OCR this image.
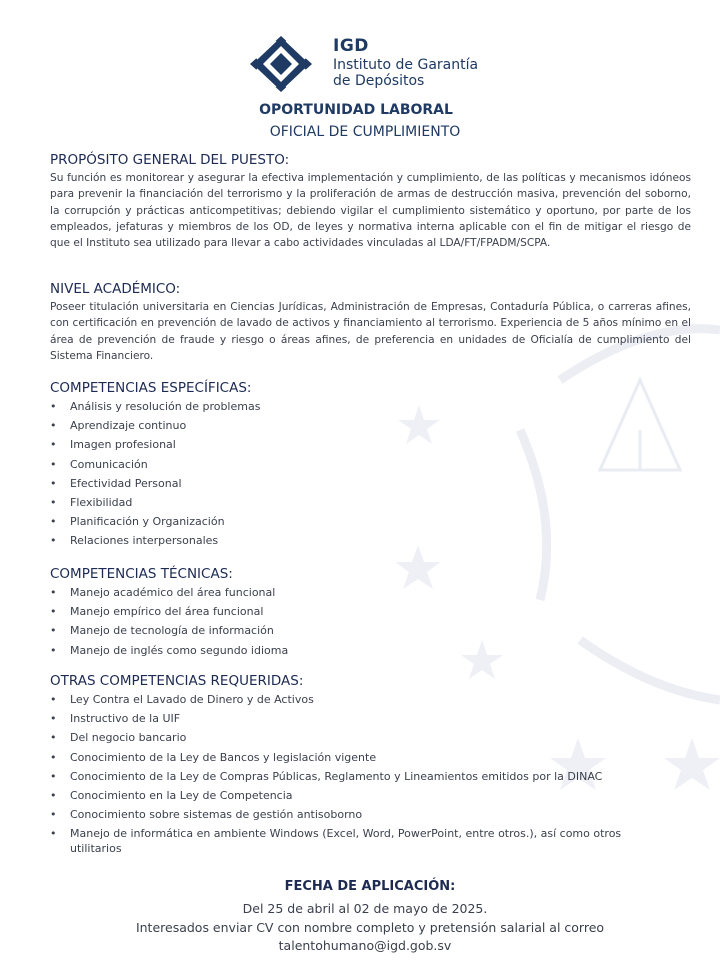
IGD
Instituto de Garantía
de Depósitos
OPORTUNIDAD LABORAL
OFICIAL DE CUMPLIMIENTO
PROPÓSITO GENERAL DEL PUESTO:
Su función es monitorear y asegurar la efectiva implementación y cumplimiento, de las políticas y mecanismos idóneos para prevenir la financiación del terrorismo y la proliferación de armas de destrucción masiva, prevención del soborno, la corrupción y prácticas anticompetitivas; debiendo vigilar el cumplimiento sistemático y oportuno, por parte de los empleados, jefaturas y miembros de los OD, de leyes y normativa interna aplicable con el fin de mitigar el riesgo de que el Instituto sea utilizado para llevar a cabo actividades vinculadas al LDA/FT/FPADM/SCPA.
NIVEL ACADÉMICO:
Poseer titulación universitaria en Ciencias Jurídicas, Administración de Empresas, Contaduría Pública, o carreras afines, con certificación en prevención de lavado de activos y financiamiento al terrorismo. Experiencia de 5 años mínimo en el área de prevención de fraude y riesgo o áreas afines, de preferencia en unidades de Oficialía de cumplimiento del Sistema Financiero.
COMPETENCIAS ESPECÍFICAS:
• Análisis y resolución de problemas
• Aprendizaje continuo
• Imagen profesional
• Comunicación
• Efectividad Personal
• Flexibilidad
• Planificación y Organización
• Relaciones interpersonales
COMPETENCIAS TÉCNICAS:
• Manejo académico del área funcional
• Manejo empírico del área funcional
• Manejo de tecnología de información
• Manejo de inglés como segundo idioma
OTRAS COMPETENCIAS REQUERIDAS:
• Ley Contra el Lavado de Dinero y de Activos
• Instructivo de la UIF
• Del negocio bancario
• Conocimiento de la Ley de Bancos y legislación vigente
• Conocimiento de la Ley de Compras Públicas, Reglamento y Lineamientos emitidos por la DINAC
• Conocimiento en la Ley de Competencia
• Conocimiento sobre sistemas de gestión antisoborno
• Manejo de informática en ambiente Windows (Excel, Word, PowerPoint, entre otros.), así como otros utilitarios
FECHA DE APLICACIÓN:
Del 25 de abril al 02 de mayo de 2025.
Interesados enviar CV con nombre completo y pretensión salarial al correo
talentohumano@igd.gob.sv
